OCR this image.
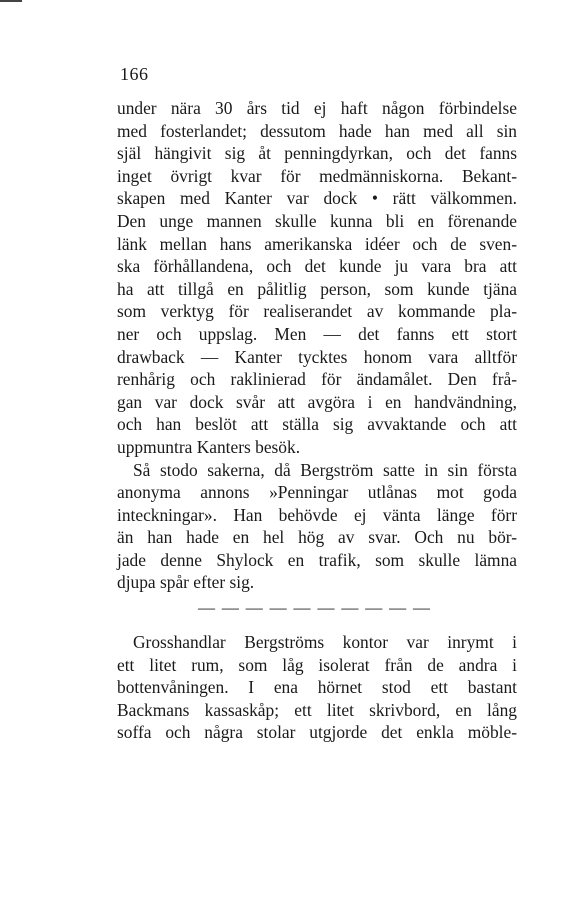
166
under nära 30 års tid ej haft någon förbindelse
med fosterlandet; dessutom hade han med all sin
själ hängivit sig åt penningdyrkan, och det fanns
inget övrigt kvar för medmänniskorna. Bekant-
skapen med Kanter var dock • rätt välkommen.
Den unge mannen skulle kunna bli en förenande
länk mellan hans amerikanska idéer och de sven-
ska förhållandena, och det kunde ju vara bra att
ha att tillgå en pålitlig person, som kunde tjäna
som verktyg för realiserandet av kommande pla-
ner och uppslag. Men — det fanns ett stort
drawback — Kanter tycktes honom vara alltför
renhårig och raklinierad för ändamålet. Den frå-
gan var dock svår att avgöra i en handvändning,
och han beslöt att ställa sig avvaktande och att
uppmuntra Kanters besök.
Så stodo sakerna, då Bergström satte in sin första
anonyma annons »Penningar utlånas mot goda
inteckningar». Han behövde ej vänta länge förr
än han hade en hel hög av svar. Och nu bör-
jade denne Shylock en trafik, som skulle lämna
djupa spår efter sig.
— — — — — — — — — —
Grosshandlar Bergströms kontor var inrymt i
ett litet rum, som låg isolerat från de andra i
bottenvåningen. I ena hörnet stod ett bastant
Backmans kassaskåp; ett litet skrivbord, en lång
soffa och några stolar utgjorde det enkla möble-
